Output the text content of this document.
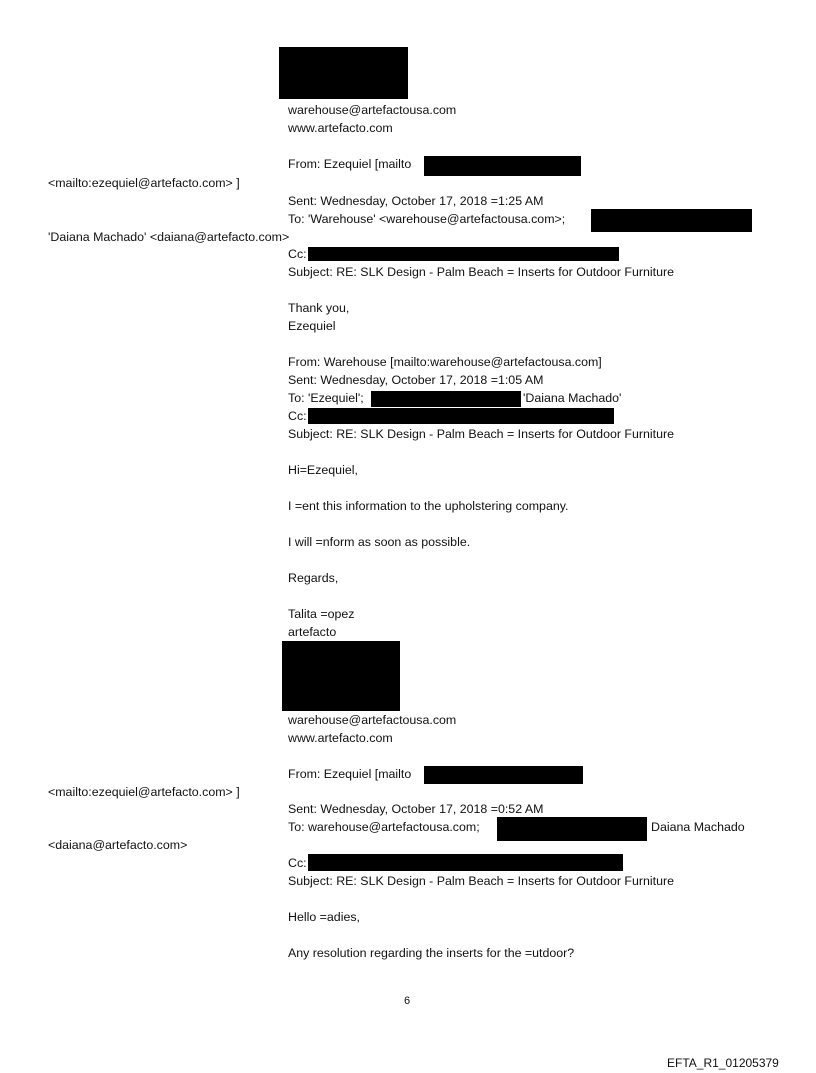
warehouse@artefactousa.com
www.artefacto.com
From: Ezequiel [mailto
<mailto:ezequiel@artefacto.com> ]
Sent: Wednesday, October 17, 2018 =1:25 AM
To: 'Warehouse' <warehouse@artefactousa.com>;
'Daiana Machado' <daiana@artefacto.com>
Cc:
Subject: RE: SLK Design - Palm Beach = Inserts for Outdoor Furniture
Thank you,
Ezequiel
From: Warehouse [mailto:warehouse@artefactousa.com]
Sent: Wednesday, October 17, 2018 =1:05 AM
To: 'Ezequiel';	'Daiana Machado'
Cc:
Subject: RE: SLK Design - Palm Beach = Inserts for Outdoor Furniture
Hi=Ezequiel,
I =ent this information to the upholstering company.
I will =nform as soon as possible.
Regards,
Talita =opez
artefacto
warehouse@artefactousa.com
www.artefacto.com
From: Ezequiel [mailto
<mailto:ezequiel@artefacto.com> ]
Sent: Wednesday, October 17, 2018 =0:52 AM
To: warehouse@artefactousa.com;	Daiana Machado
<daiana@artefacto.com>
Cc:
Subject: RE: SLK Design - Palm Beach = Inserts for Outdoor Furniture
Hello =adies,
Any resolution regarding the inserts for the =utdoor?
6
EFTA_R1_01205379
